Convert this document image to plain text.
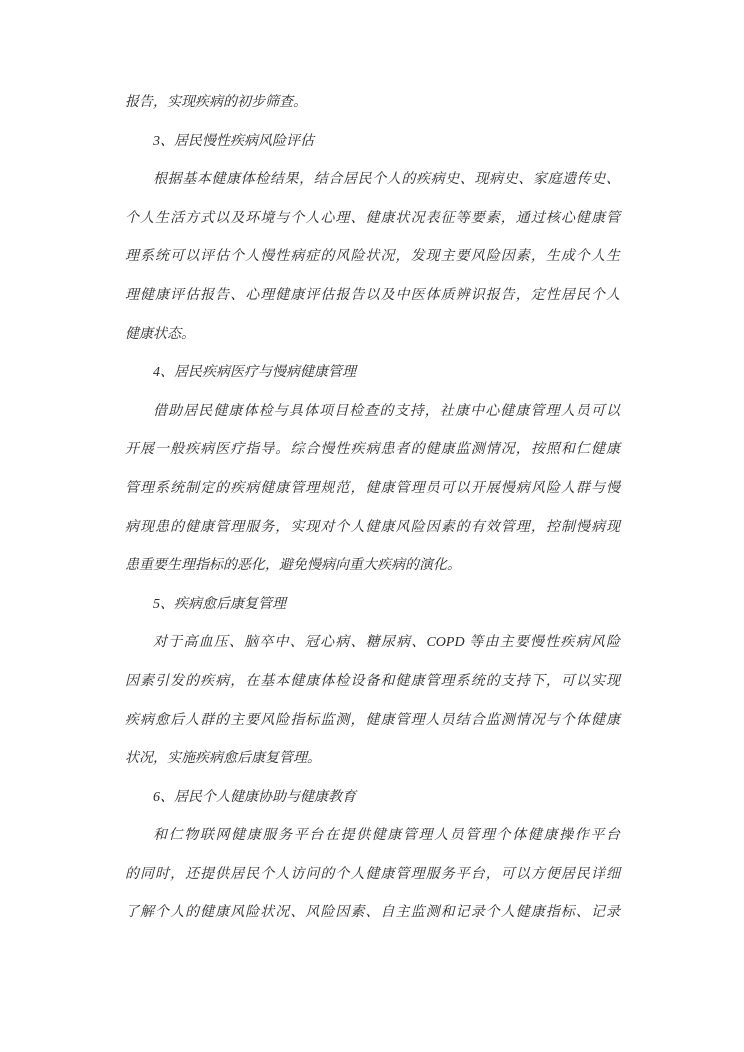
报告，实现疾病的初步筛查。

3、居民慢性疾病风险评估

根据基本健康体检结果，结合居民个人的疾病史、现病史、家庭遗传史、

个人生活方式以及环境与个人心理、健康状况表征等要素，通过核心健康管

理系统可以评估个人慢性病症的风险状况，发现主要风险因素，生成个人生

理健康评估报告、心理健康评估报告以及中医体质辨识报告，定性居民个人

健康状态。

4、居民疾病医疗与慢病健康管理

借助居民健康体检与具体项目检查的支持，社康中心健康管理人员可以

开展一般疾病医疗指导。综合慢性疾病患者的健康监测情况，按照和仁健康

管理系统制定的疾病健康管理规范，健康管理员可以开展慢病风险人群与慢

病现患的健康管理服务，实现对个人健康风险因素的有效管理，控制慢病现

患重要生理指标的恶化，避免慢病向重大疾病的演化。

5、疾病愈后康复管理

对于高血压、脑卒中、冠心病、糖尿病、COPD 等由主要慢性疾病风险

因素引发的疾病，在基本健康体检设备和健康管理系统的支持下，可以实现

疾病愈后人群的主要风险指标监测，健康管理人员结合监测情况与个体健康

状况，实施疾病愈后康复管理。

6、居民个人健康协助与健康教育

和仁物联网健康服务平台在提供健康管理人员管理个体健康操作平台

的同时，还提供居民个人访问的个人健康管理服务平台，可以方便居民详细

了解个人的健康风险状况、风险因素、自主监测和记录个人健康指标、记录
